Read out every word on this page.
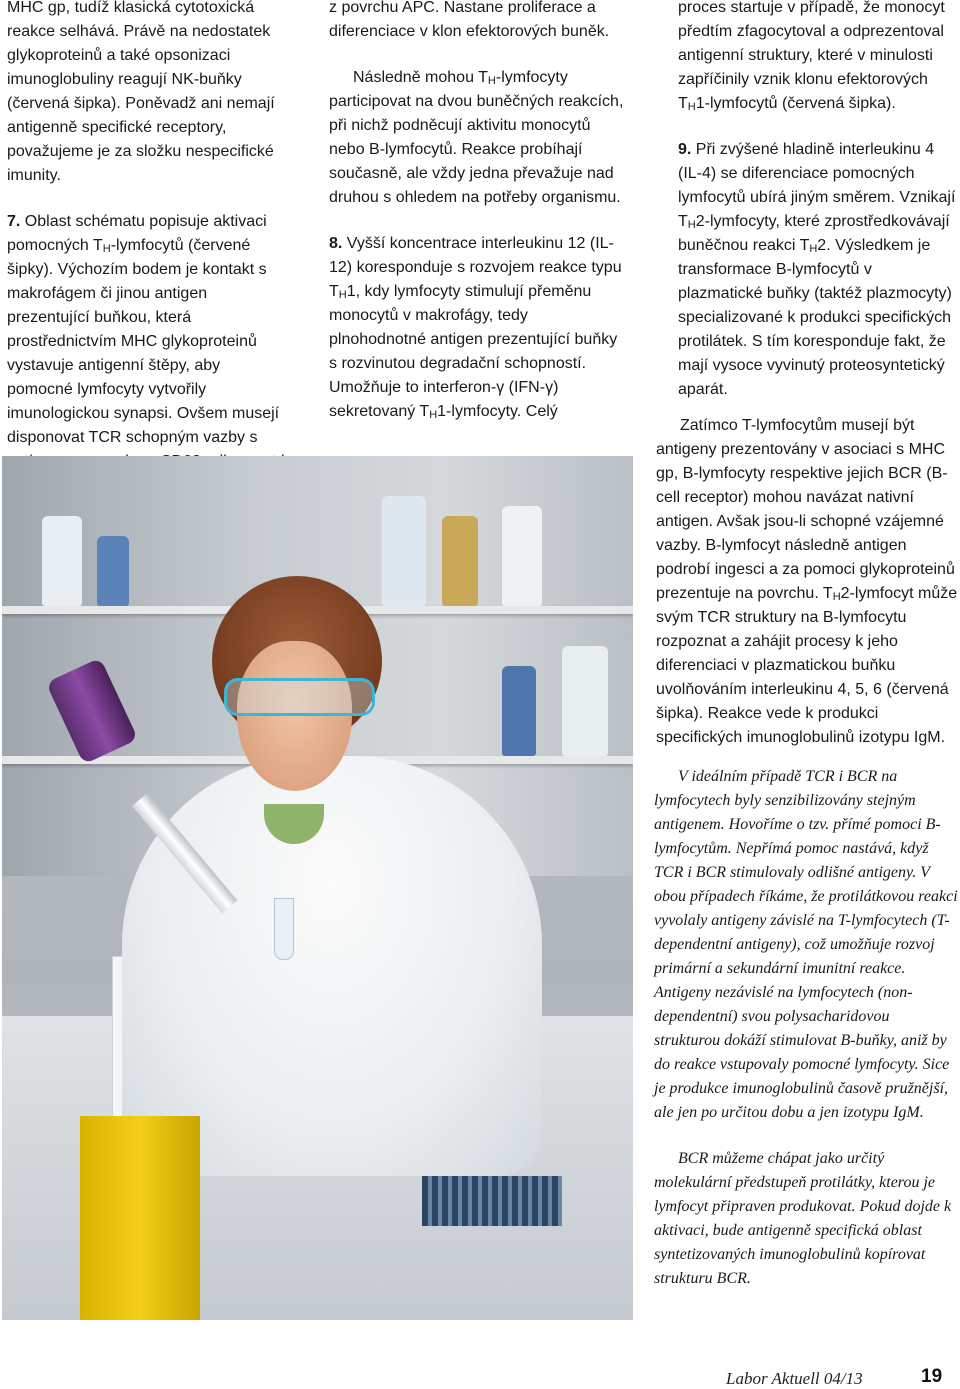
MHC gp, tudíž klasická cytotoxická reakce selhává. Právě na nedostatek glykoproteinů a také opsonizaci imunoglobuliny reagují NK-buňky (červená šipka). Poněvadž ani nemají antigenně specifické receptory, považujeme je za složku nespecifické imunity.

7. Oblast schématu popisuje aktivaci pomocných $T_H$-lymfocytů (červené šipky). Výchozím bodem je kontakt s makrofágem či jinou antigen prezentující buňkou, která prostřednictvím MHC glykoproteinů vystavuje antigenní štěpy, aby pomocné lymfocyty vytvořily imunologickou synapsi. Ovšem musejí disponovat TCR schopným vazby s

z povrchu APC. Nastane proliferace a diferenciace v klon efektorových buněk.

Následně mohou $T_H$-lymfocyty participovat na dvou buněčných reakcích, při nichž podněcují aktivitu monocytů nebo B-lymfocytů. Reakce probíhají současně, ale vždy jedna převažuje nad druhou s ohledem na potřeby organismu.

8. Vyšší koncentrace interleukinu 12 (IL-12) koresponduje s rozvojem reakce typu $T_H1$, kdy lymfocyty stimulují přeměnu monocytů v makrofágy, tedy plnohodnotné antigen prezentující buňky s rozvinutou degradační schopností. Umožňuje to interferon-γ (IFN-γ) sekretovaný $T_H1$-lymfocyty. Celý

proces startuje v případě, že monocyt předtím zfagocytoval a odprezentoval antigenní struktury, které v minulosti zapříčinily vznik klonu efektorových $T_H1$-lymfocytů (červená šipka).

9. Při zvýšené hladině interleukinu 4 (IL-4) se diferenciace pomocných lymfocytů ubírá jiným směrem. Vznikají $T_H2$-lymfocyty, které zprostředkovávají buněčnou reakci $T_H2$. Výsledkem je transformace B-lymfocytů v plazmatické buňky (taktéž plazmocyty) specializované k produkci specifických protilátek. S tím koresponduje fakt, že mají vysoce vyvinutý proteosyntetický aparát.

Zatímco T-lymfocytům musejí být antigeny prezentovány v asociaci s MHC gp, B-lymfocyty respektive jejich BCR (B-cell receptor) mohou navázat nativní antigen. Avšak jsou-li schopné vzájemné vazby. B-lymfocyt následně antigen podrobí ingesci a za pomoci glykoproteinů prezentuje na povrchu. $T_H2$-lymfocyt může svým TCR struktury na B-lymfocytu rozpoznat a zahájit procesy k jeho diferenciaci v plazmatickou buňku uvolňováním interleukinu 4, 5, 6 (červená šipka). Reakce vede k produkci specifických imunoglobulinů izotypu IgM.

V ideálním případě TCR i BCR na lymfocytech byly senzibilizovány stejným antigenem. Hovoříme o tzv. přímé pomoci B-lymfocytům. Nepřímá pomoc nastává, když TCR i BCR stimulovaly odlišné antigeny. V obou případech říkáme, že protilátkovou reakci vyvolaly antigeny závislé na T-lymfocytech (T-dependentní antigeny), což umožňuje rozvoj primární a sekundární imunitní reakce. Antigeny nezávislé na lymfocytech (non-dependentní) svou polysacharidovou strukturou dokáží stimulovat B-buňky, aniž by do reakce vstupovaly pomocné lymfocyty. Sice je produkce imunoglobulinů časově pružnější, ale jen po určitou dobu a jen izotypu IgM.

BCR můžeme chápat jako určitý molekulární předstupeň protilátky, kterou je lymfocyt připraven produkovat. Pokud dojde k aktivaci, bude antigenně specifická oblast syntetizovaných imunoglobulinů kopírovat strukturu BCR.

Labor Aktuell 04/13	19
